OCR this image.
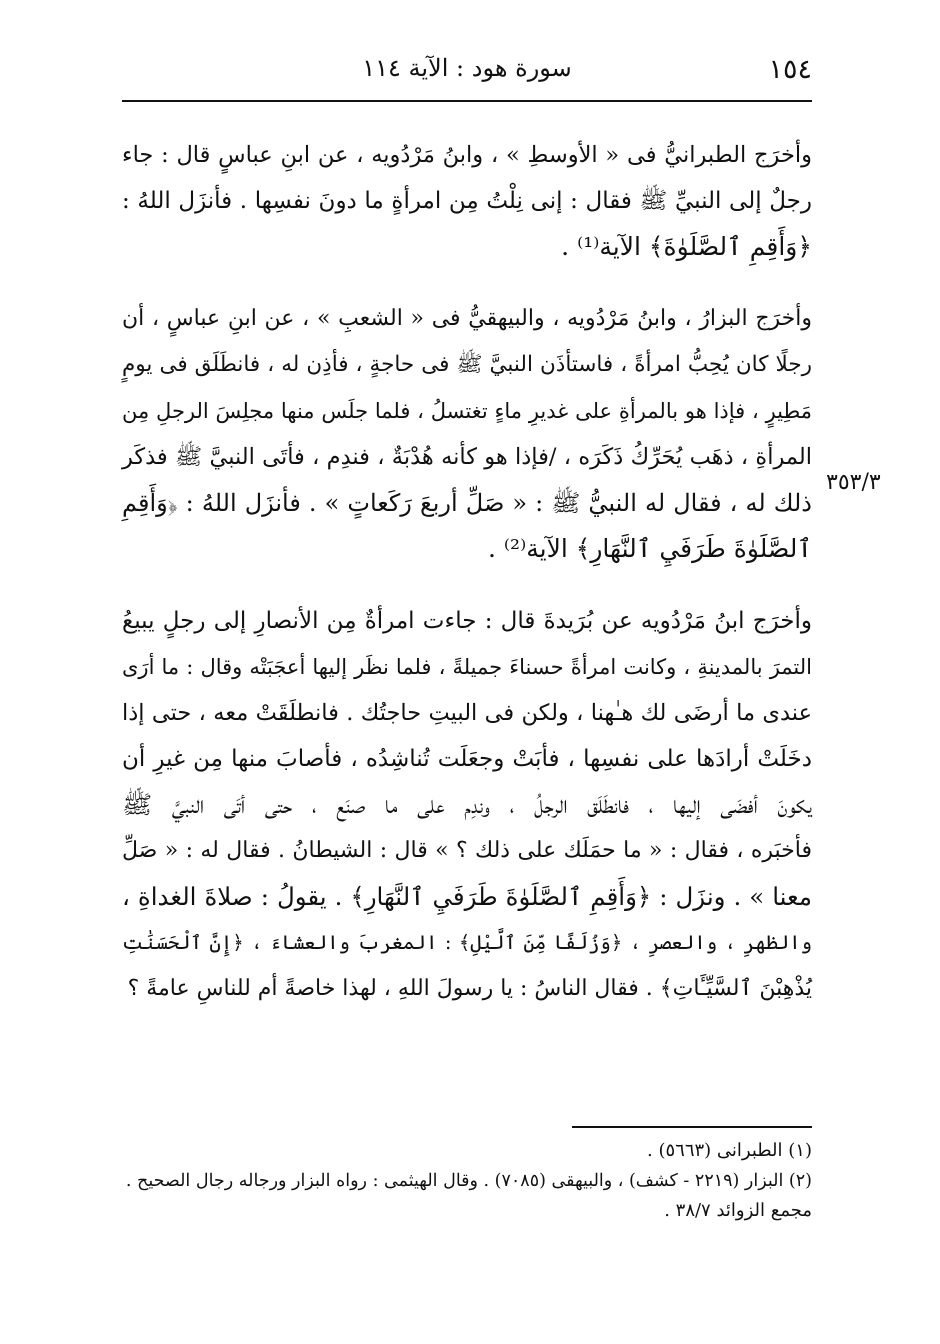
١٥٤
سورة هود : الآية ١١٤
٣٥٣/٣

وأخرَج الطبرانيُّ فى « الأوسطِ » ، وابنُ مَرْدُويه ، عن ابنِ عباسٍ قال : جاء
رجلٌ إلى النبيِّ ﷺ فقال : إنى نِلْتُ مِن امرأةٍ ما دونَ نفسِها . فأنزَل اللهُ :
﴿وَأَقِمِ ٱلصَّلَوٰةَ﴾ الآية⁽¹⁾ .

وأخرَج البزارُ ، وابنُ مَرْدُويه ، والبيهقيُّ فى « الشعبِ » ، عن ابنِ عباسٍ ، أن
رجلًا كان يُحِبُّ امرأةً ، فاستأذَن النبيَّ ﷺ فى حاجةٍ ، فأذِن له ، فانطَلَق فى يومٍ
مَطِيرٍ ، فإذا هو بالمرأةِ على غديرِ ماءٍ تغتسلُ ، فلما جلَس منها مجلِسَ الرجلِ مِن
المرأةِ ، ذهَب يُحَرِّكُ ذَكَرَه ، /فإذا هو كأنه هُدْبَةٌ ، فندِم ، فأتَى النبيَّ ﷺ فذكَر
ذلك له ، فقال له النبيُّ ﷺ : « صَلِّ أربعَ رَكَعاتٍ » . فأنزَل اللهُ : ﴿وَأَقِمِ
ٱلصَّلَوٰةَ طَرَفَيِ ٱلنَّهَارِ﴾ الآية⁽²⁾ .

وأخرَج ابنُ مَرْدُويه عن بُرَيدةَ قال : جاءت امرأةٌ مِن الأنصارِ إلى رجلٍ يبيعُ
التمرَ بالمدينةِ ، وكانت امرأةً حسناءَ جميلةً ، فلما نظَر إليها أعجَبَتْه وقال : ما أرَى
عندى ما أرضَى لك هـٰهنا ، ولكن فى البيتِ حاجتُك . فانطلَقَتْ معه ، حتى إذا
دخَلَتْ أرادَها على نفسِها ، فأبَتْ وجعَلَت تُناشِدُه ، فأصابَ منها مِن غيرِ أن
يكونَ أفضَى إليها ، فانطَلَق الرجلُ ، وندِم على ما صنَع ، حتى أتَى النبيَّ ﷺ
فأخبَره ، فقال : « ما حمَلَك على ذلك ؟ » قال : الشيطانُ . فقال له : « صَلِّ
معنا » . ونزَل : ﴿وَأَقِمِ ٱلصَّلَوٰةَ طَرَفَيِ ٱلنَّهَارِ﴾ . يقولُ : صلاةَ الغداةِ ،
والظهرِ ، والعصرِ ، ﴿وَزُلَفًا مِّنَ ٱلَّيْلِ﴾ : المغربَ والعشاءَ ، ﴿إِنَّ ٱلْحَسَنَٰتِ
يُذْهِبْنَ ٱلسَّيِّـَٔاتِ﴾ . فقال الناسُ : يا رسولَ اللهِ ، لهذا خاصةً أم للناسِ عامةً ؟

(١) الطبرانى (٥٦٦٣) .
(٢) البزار (٢٢١٩ - كشف) ، والبيهقى (٧٠٨٥) . وقال الهيثمى : رواه البزار ورجاله رجال الصحيح .
مجمع الزوائد ٣٨/٧ .
